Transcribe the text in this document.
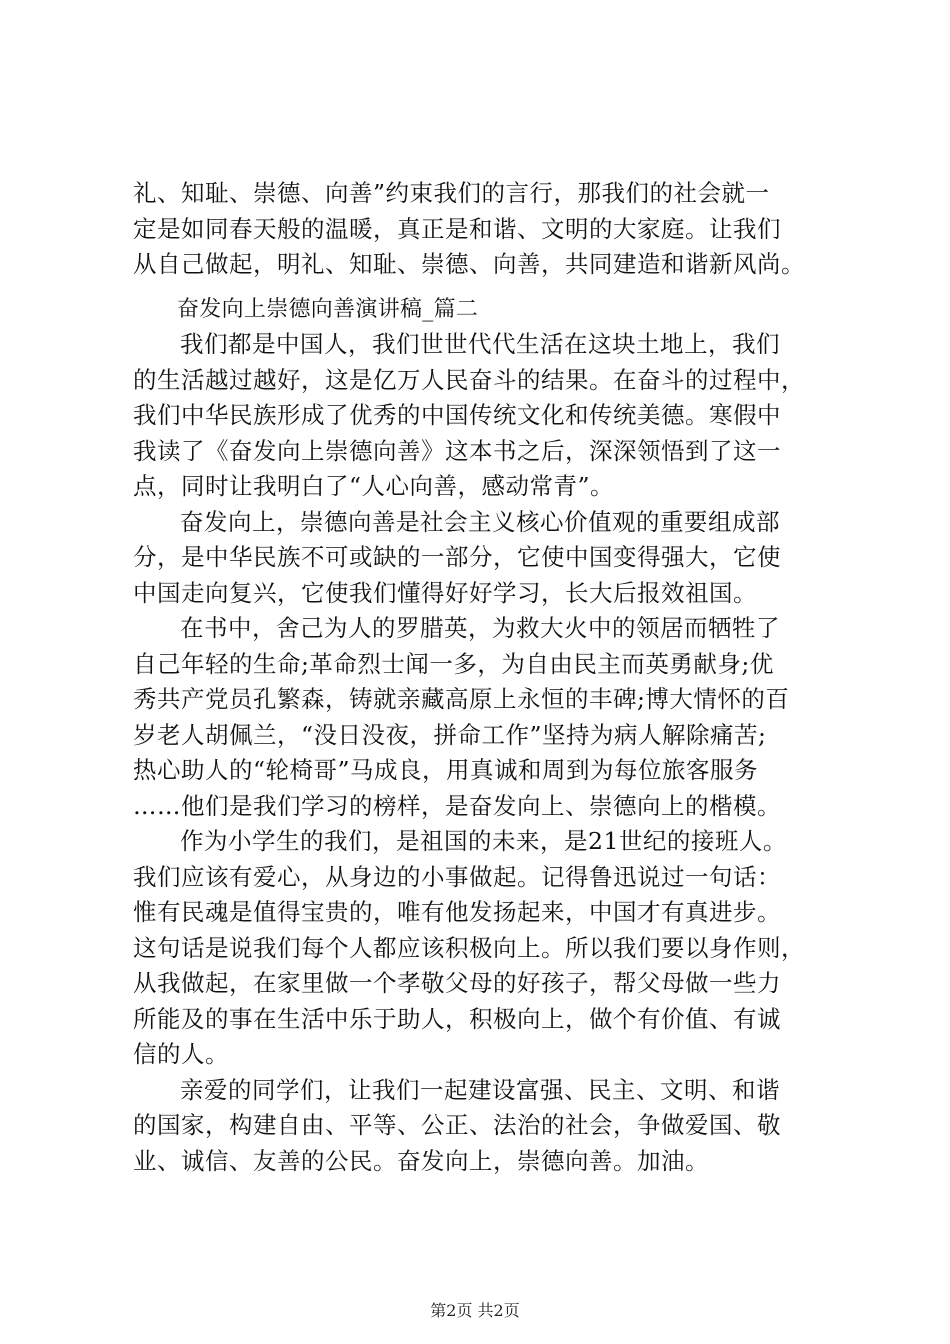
礼、知耻、崇德、向善”约束我们的言行，那我们的社会就一
定是如同春天般的温暖，真正是和谐、文明的大家庭。让我们
从自己做起，明礼、知耻、崇德、向善，共同建造和谐新风尚。
奋发向上崇德向善演讲稿_篇二
我们都是中国人，我们世世代代生活在这块土地上，我们
的生活越过越好，这是亿万人民奋斗的结果。在奋斗的过程中，
我们中华民族形成了优秀的中国传统文化和传统美德。寒假中
我读了《奋发向上崇德向善》这本书之后，深深领悟到了这一
点，同时让我明白了“人心向善，感动常青”。
奋发向上，崇德向善是社会主义核心价值观的重要组成部
分，是中华民族不可或缺的一部分，它使中国变得强大，它使
中国走向复兴，它使我们懂得好好学习，长大后报效祖国。
在书中，舍己为人的罗腊英，为救大火中的领居而牺牲了
自己年轻的生命;革命烈士闻一多，为自由民主而英勇献身;优
秀共产党员孔繁森，铸就亲藏高原上永恒的丰碑;博大情怀的百
岁老人胡佩兰，“没日没夜，拼命工作”坚持为病人解除痛苦;
热心助人的“轮椅哥”马成良，用真诚和周到为每位旅客服务
……他们是我们学习的榜样，是奋发向上、崇德向上的楷模。
作为小学生的我们，是祖国的未来，是21世纪的接班人。
我们应该有爱心，从身边的小事做起。记得鲁迅说过一句话：
惟有民魂是值得宝贵的，唯有他发扬起来，中国才有真进步。
这句话是说我们每个人都应该积极向上。所以我们要以身作则，
从我做起，在家里做一个孝敬父母的好孩子，帮父母做一些力
所能及的事在生活中乐于助人，积极向上，做个有价值、有诚
信的人。
亲爱的同学们，让我们一起建设富强、民主、文明、和谐
的国家，构建自由、平等、公正、法治的社会，争做爱国、敬
业、诚信、友善的公民。奋发向上，崇德向善。加油。
第2页 共2页
